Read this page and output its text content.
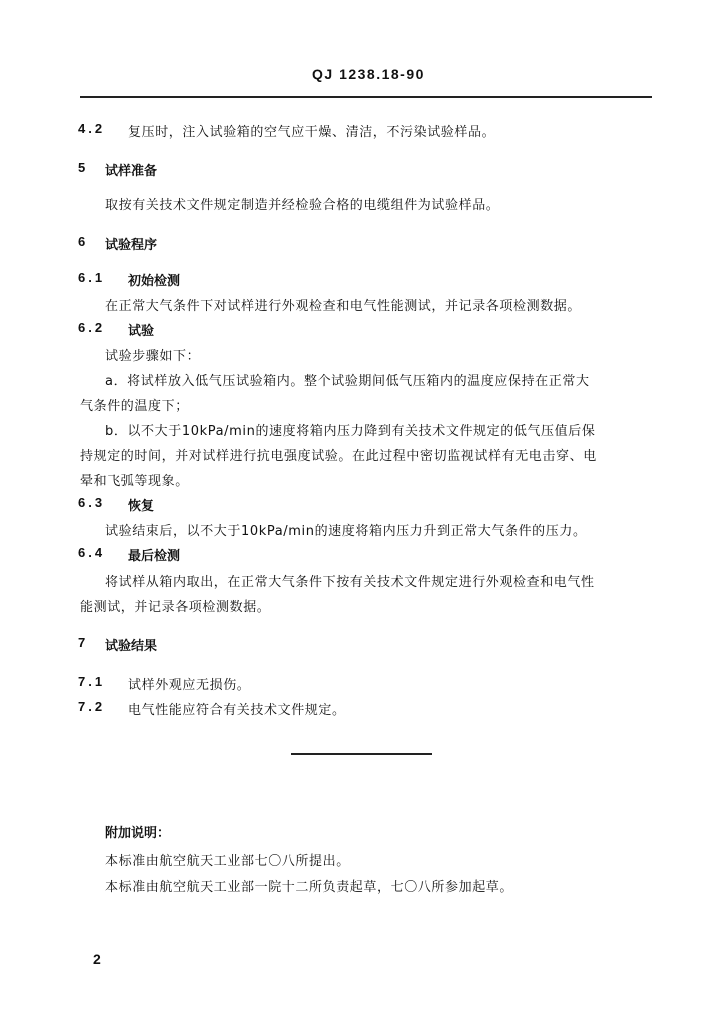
QJ 1238.18-90
4.2 复压时，注入试验箱的空气应干燥、清洁，不污染试验样品。
5 试样准备
取按有关技术文件规定制造并经检验合格的电缆组件为试验样品。
6 试验程序
6.1 初始检测
在正常大气条件下对试样进行外观检查和电气性能测试，并记录各项检测数据。
6.2 试验
试验步骤如下：
a．将试样放入低气压试验箱内。整个试验期间低气压箱内的温度应保持在正常大
气条件的温度下；
b．以不大于10kPa/min的速度将箱内压力降到有关技术文件规定的低气压值后保
持规定的时间，并对试样进行抗电强度试验。在此过程中密切监视试样有无电击穿、电
晕和飞弧等现象。
6.3 恢复
试验结束后，以不大于10kPa/min的速度将箱内压力升到正常大气条件的压力。
6.4 最后检测
将试样从箱内取出，在正常大气条件下按有关技术文件规定进行外观检查和电气性
能测试，并记录各项检测数据。
7 试验结果
7.1 试样外观应无损伤。
7.2 电气性能应符合有关技术文件规定。
附加说明：
本标准由航空航天工业部七〇八所提出。
本标准由航空航天工业部一院十二所负责起草，七〇八所参加起草。
2
